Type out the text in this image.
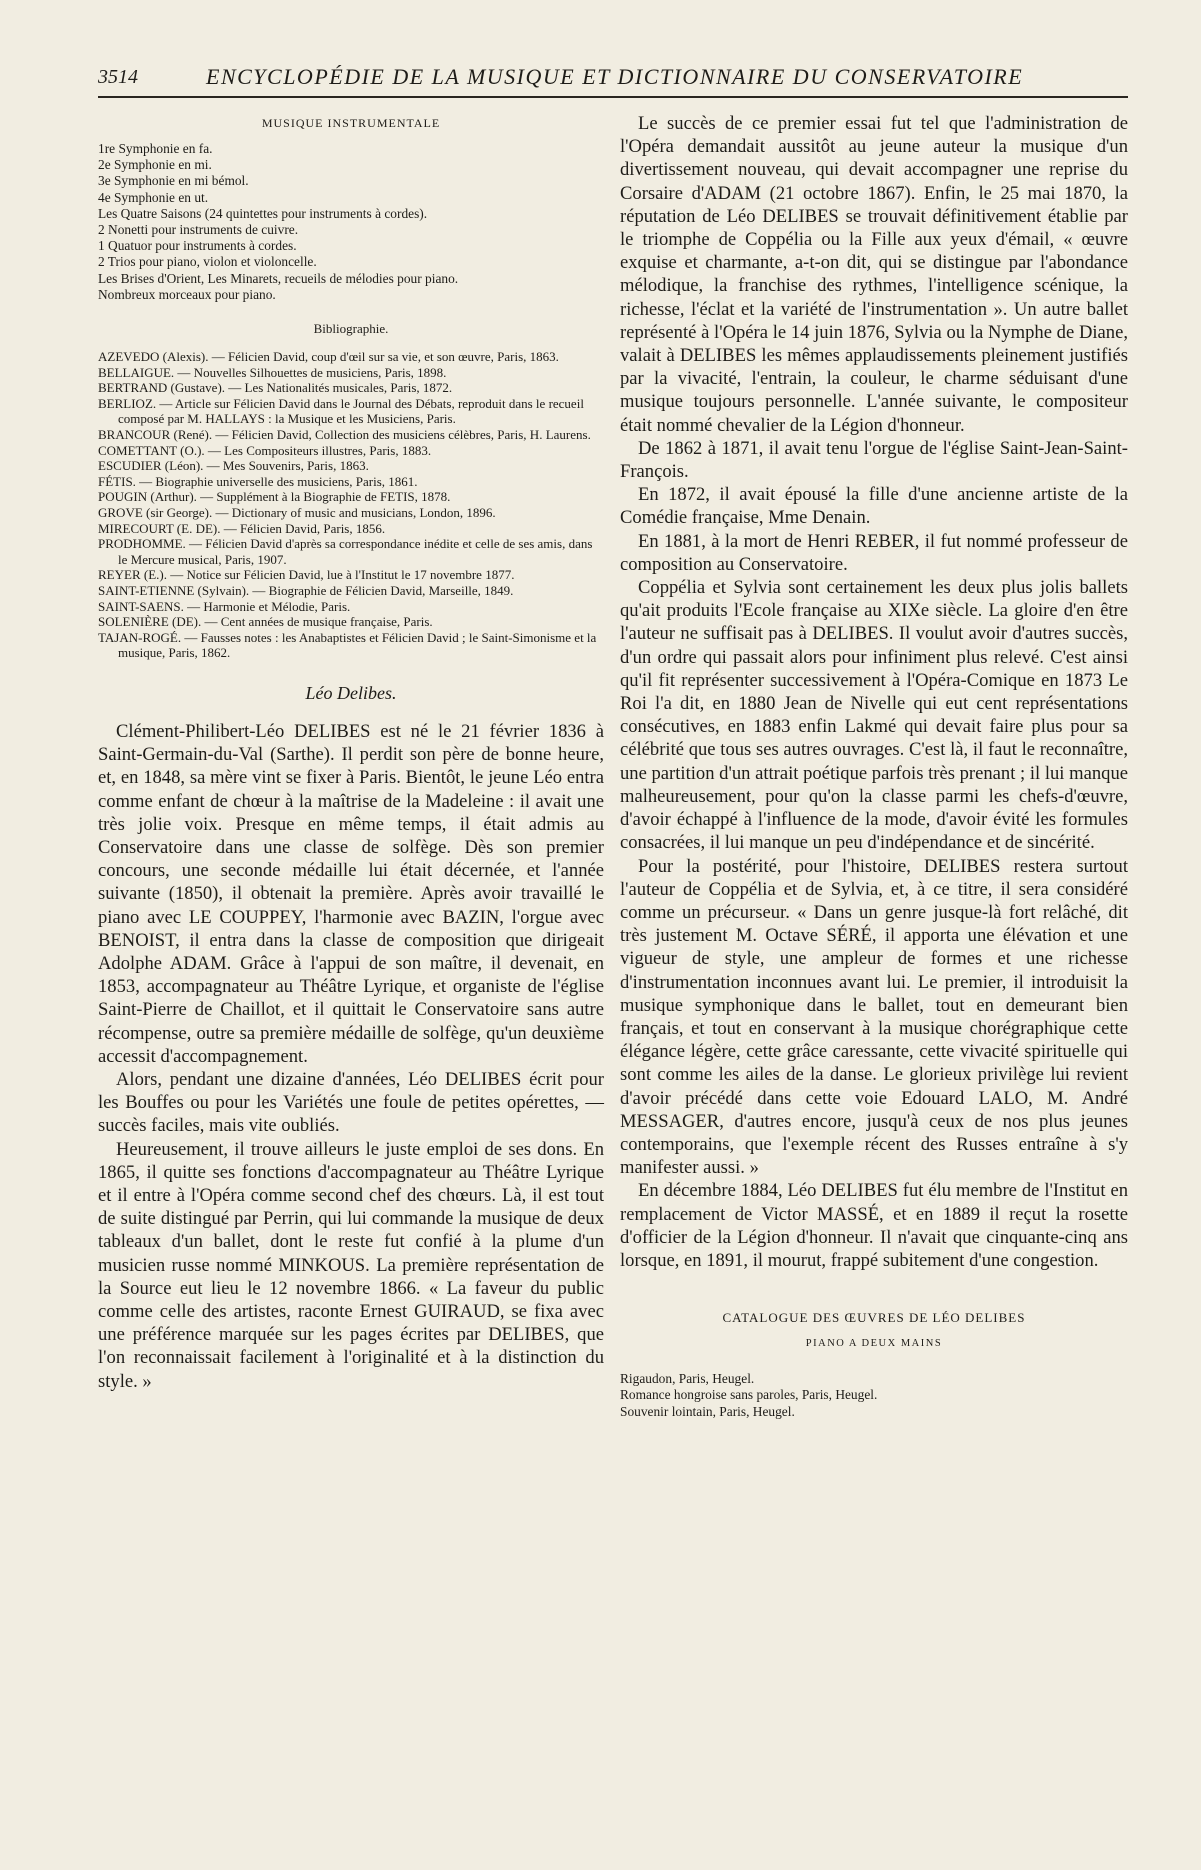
3514	ENCYCLOPÉDIE DE LA MUSIQUE ET DICTIONNAIRE DU CONSERVATOIRE
MUSIQUE INSTRUMENTALE
1re Symphonie en fa.
2e Symphonie en mi.
3e Symphonie en mi bémol.
4e Symphonie en ut.
Les Quatre Saisons (24 quintettes pour instruments à cordes).
2 Nonetti pour instruments de cuivre.
1 Quatuor pour instruments à cordes.
2 Trios pour piano, violon et violoncelle.
Les Brises d'Orient, Les Minarets, recueils de mélodies pour piano.
Nombreux morceaux pour piano.
Bibliographie.
AZEVEDO (Alexis). — Félicien David, coup d'œil sur sa vie, et son œuvre, Paris, 1863.
BELLAIGUE. — Nouvelles Silhouettes de musiciens, Paris, 1898.
BERTRAND (Gustave). — Les Nationalités musicales, Paris, 1872.
BERLIOZ. — Article sur Félicien David dans le Journal des Débats, reproduit dans le recueil composé par M. HALLAYS : la Musique et les Musiciens, Paris.
BRANCOUR (René). — Félicien David, Collection des musiciens célèbres, Paris, H. Laurens.
COMETTANT (O.). — Les Compositeurs illustres, Paris, 1883.
ESCUDIER (Léon). — Mes Souvenirs, Paris, 1863.
FÉTIS. — Biographie universelle des musiciens, Paris, 1861.
POUGIN (Arthur). — Supplément à la Biographie de FETIS, 1878.
GROVE (sir George). — Dictionary of music and musicians, London, 1896.
MIRECOURT (E. DE). — Félicien David, Paris, 1856.
PRODHOMME. — Félicien David d'après sa correspondance inédite et celle de ses amis, dans le Mercure musical, Paris, 1907.
REYER (E.). — Notice sur Félicien David, lue à l'Institut le 17 novembre 1877.
SAINT-ETIENNE (Sylvain). — Biographie de Félicien David, Marseille, 1849.
SAINT-SAENS. — Harmonie et Mélodie, Paris.
SOLENIÈRE (DE). — Cent années de musique française, Paris.
TAJAN-ROGÉ. — Fausses notes : les Anabaptistes et Félicien David ; le Saint-Simonisme et la musique, Paris, 1862.
Léo Delibes.

Clément-Philibert-Léo DELIBES est né le 21 février 1836 à Saint-Germain-du-Val (Sarthe). Il perdit son père de bonne heure, et, en 1848, sa mère vint se fixer à Paris. Bientôt, le jeune Léo entra comme enfant de chœur à la maîtrise de la Madeleine : il avait une très jolie voix. Presque en même temps, il était admis au Conservatoire dans une classe de solfège. Dès son premier concours, une seconde médaille lui était décernée, et l'année suivante (1850), il obtenait la première. Après avoir travaillé le piano avec LE COUPPEY, l'harmonie avec BAZIN, l'orgue avec BENOIST, il entra dans la classe de composition que dirigeait Adolphe ADAM. Grâce à l'appui de son maître, il devenait, en 1853, accompagnateur au Théâtre Lyrique, et organiste de l'église Saint-Pierre de Chaillot, et il quittait le Conservatoire sans autre récompense, outre sa première médaille de solfège, qu'un deuxième accessit d'accompagnement.

Alors, pendant une dizaine d'années, Léo DELIBES écrit pour les Bouffes ou pour les Variétés une foule de petites opérettes, — succès faciles, mais vite oubliés.

Heureusement, il trouve ailleurs le juste emploi de ses dons. En 1865, il quitte ses fonctions d'accompagnateur au Théâtre Lyrique et il entre à l'Opéra comme second chef des chœurs. Là, il est tout de suite distingué par Perrin, qui lui commande la musique de deux tableaux d'un ballet, dont le reste fut confié à la plume d'un musicien russe nommé MINKOUS. La première représentation de la Source eut lieu le 12 novembre 1866. « La faveur du public comme celle des artistes, raconte Ernest GUIRAUD, se fixa avec une préférence marquée sur les pages écrites par DELIBES, que l'on reconnaissait facilement à l'originalité et à la distinction du style. »

Le succès de ce premier essai fut tel que l'administration de l'Opéra demandait aussitôt au jeune auteur la musique d'un divertissement nouveau, qui devait accompagner une reprise du Corsaire d'ADAM (21 octobre 1867). Enfin, le 25 mai 1870, la réputation de Léo DELIBES se trouvait définitivement établie par le triomphe de Coppélia ou la Fille aux yeux d'émail, « œuvre exquise et charmante, a-t-on dit, qui se distingue par l'abondance mélodique, la franchise des rythmes, l'intelligence scénique, la richesse, l'éclat et la variété de l'instrumentation ». Un autre ballet représenté à l'Opéra le 14 juin 1876, Sylvia ou la Nymphe de Diane, valait à DELIBES les mêmes applaudissements pleinement justifiés par la vivacité, l'entrain, la couleur, le charme séduisant d'une musique toujours personnelle. L'année suivante, le compositeur était nommé chevalier de la Légion d'honneur.

De 1862 à 1871, il avait tenu l'orgue de l'église Saint-Jean-Saint-François.

En 1872, il avait épousé la fille d'une ancienne artiste de la Comédie française, Mme Denain.

En 1881, à la mort de Henri REBER, il fut nommé professeur de composition au Conservatoire.

Coppélia et Sylvia sont certainement les deux plus jolis ballets qu'ait produits l'Ecole française au XIXe siècle. La gloire d'en être l'auteur ne suffisait pas à DELIBES. Il voulut avoir d'autres succès, d'un ordre qui passait alors pour infiniment plus relevé. C'est ainsi qu'il fit représenter successivement à l'Opéra-Comique en 1873 Le Roi l'a dit, en 1880 Jean de Nivelle qui eut cent représentations consécutives, en 1883 enfin Lakmé qui devait faire plus pour sa célébrité que tous ses autres ouvrages. C'est là, il faut le reconnaître, une partition d'un attrait poétique parfois très prenant ; il lui manque malheureusement, pour qu'on la classe parmi les chefs-d'œuvre, d'avoir échappé à l'influence de la mode, d'avoir évité les formules consacrées, il lui manque un peu d'indépendance et de sincérité.

Pour la postérité, pour l'histoire, DELIBES restera surtout l'auteur de Coppélia et de Sylvia, et, à ce titre, il sera considéré comme un précurseur. « Dans un genre jusque-là fort relâché, dit très justement M. Octave SÉRÉ, il apporta une élévation et une vigueur de style, une ampleur de formes et une richesse d'instrumentation inconnues avant lui. Le premier, il introduisit la musique symphonique dans le ballet, tout en demeurant bien français, et tout en conservant à la musique chorégraphique cette élégance légère, cette grâce caressante, cette vivacité spirituelle qui sont comme les ailes de la danse. Le glorieux privilège lui revient d'avoir précédé dans cette voie Edouard LALO, M. André MESSAGER, d'autres encore, jusqu'à ceux de nos plus jeunes contemporains, que l'exemple récent des Russes entraîne à s'y manifester aussi. »

En décembre 1884, Léo DELIBES fut élu membre de l'Institut en remplacement de Victor MASSÉ, et en 1889 il reçut la rosette d'officier de la Légion d'honneur. Il n'avait que cinquante-cinq ans lorsque, en 1891, il mourut, frappé subitement d'une congestion.

CATALOGUE DES ŒUVRES DE LÉO DELIBES
PIANO A DEUX MAINS
Rigaudon, Paris, Heugel.
Romance hongroise sans paroles, Paris, Heugel.
Souvenir lointain, Paris, Heugel.
